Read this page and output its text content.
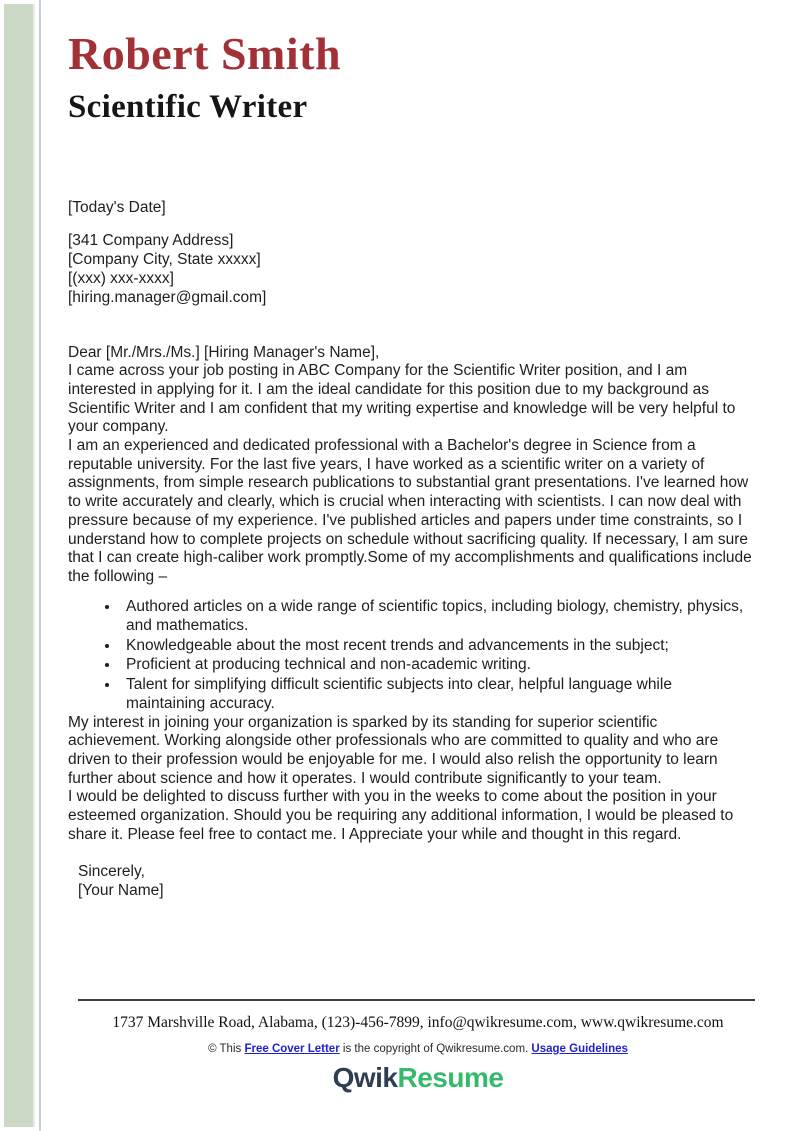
Robert Smith
Scientific Writer
[Today's Date]
[341 Company Address]
[Company City, State xxxxx]
[(xxx) xxx-xxxx]
[hiring.manager@gmail.com]
Dear [Mr./Mrs./Ms.] [Hiring Manager's Name],

I came across your job posting in ABC Company for the Scientific Writer position, and I am interested in applying for it. I am the ideal candidate for this position due to my background as Scientific Writer and I am confident that my writing expertise and knowledge will be very helpful to your company.

I am an experienced and dedicated professional with a Bachelor's degree in Science from a reputable university. For the last five years, I have worked as a scientific writer on a variety of assignments, from simple research publications to substantial grant presentations. I've learned how to write accurately and clearly, which is crucial when interacting with scientists. I can now deal with pressure because of my experience. I've published articles and papers under time constraints, so I understand how to complete projects on schedule without sacrificing quality. If necessary, I am sure that I can create high-caliber work promptly.Some of my accomplishments and qualifications include the following –

• Authored articles on a wide range of scientific topics, including biology, chemistry, physics, and mathematics.
• Knowledgeable about the most recent trends and advancements in the subject;
• Proficient at producing technical and non-academic writing.
• Talent for simplifying difficult scientific subjects into clear, helpful language while maintaining accuracy.

My interest in joining your organization is sparked by its standing for superior scientific achievement. Working alongside other professionals who are committed to quality and who are driven to their profession would be enjoyable for me. I would also relish the opportunity to learn further about science and how it operates. I would contribute significantly to your team.

I would be delighted to discuss further with you in the weeks to come about the position in your esteemed organization. Should you be requiring any additional information, I would be pleased to share it. Please feel free to contact me. I Appreciate your while and thought in this regard.

Sincerely,
[Your Name]
1737 Marshville Road, Alabama, (123)-456-7899, info@qwikresume.com, www.qwikresume.com
© This Free Cover Letter is the copyright of Qwikresume.com. Usage Guidelines
QwikResume
